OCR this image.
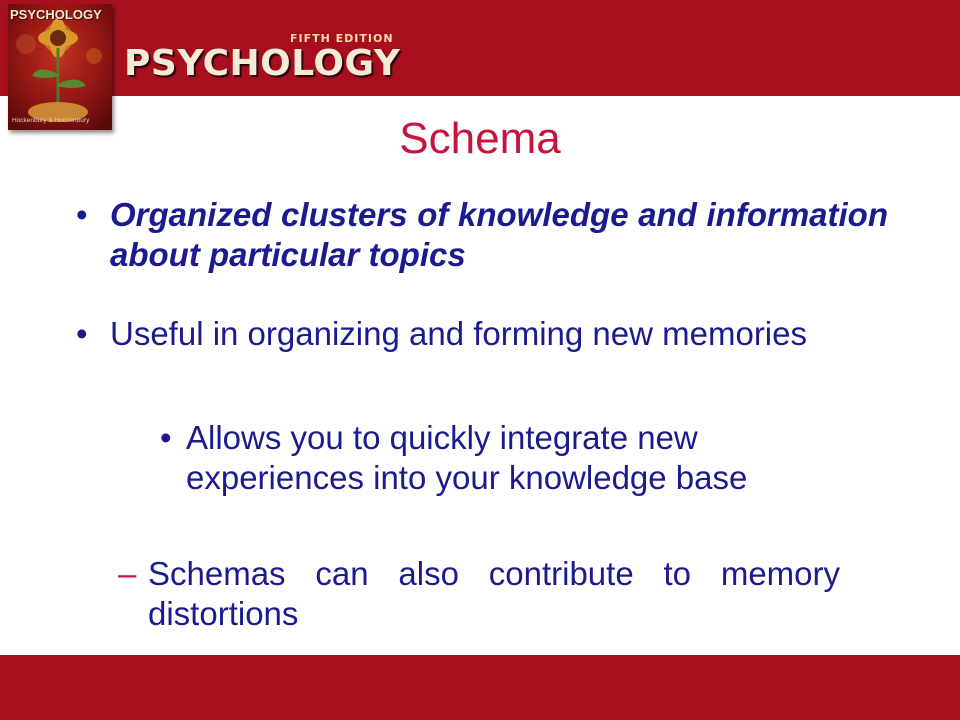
PSYCHOLOGY
Hockenbury & Hockenbury
FIFTH EDITION
PSYCHOLOGY
Schema
• Organized clusters of knowledge and information about particular topics
• Useful in organizing and forming new memories
• Allows you to quickly integrate new experiences into your knowledge base
– Schemas can also contribute to memory distortions
